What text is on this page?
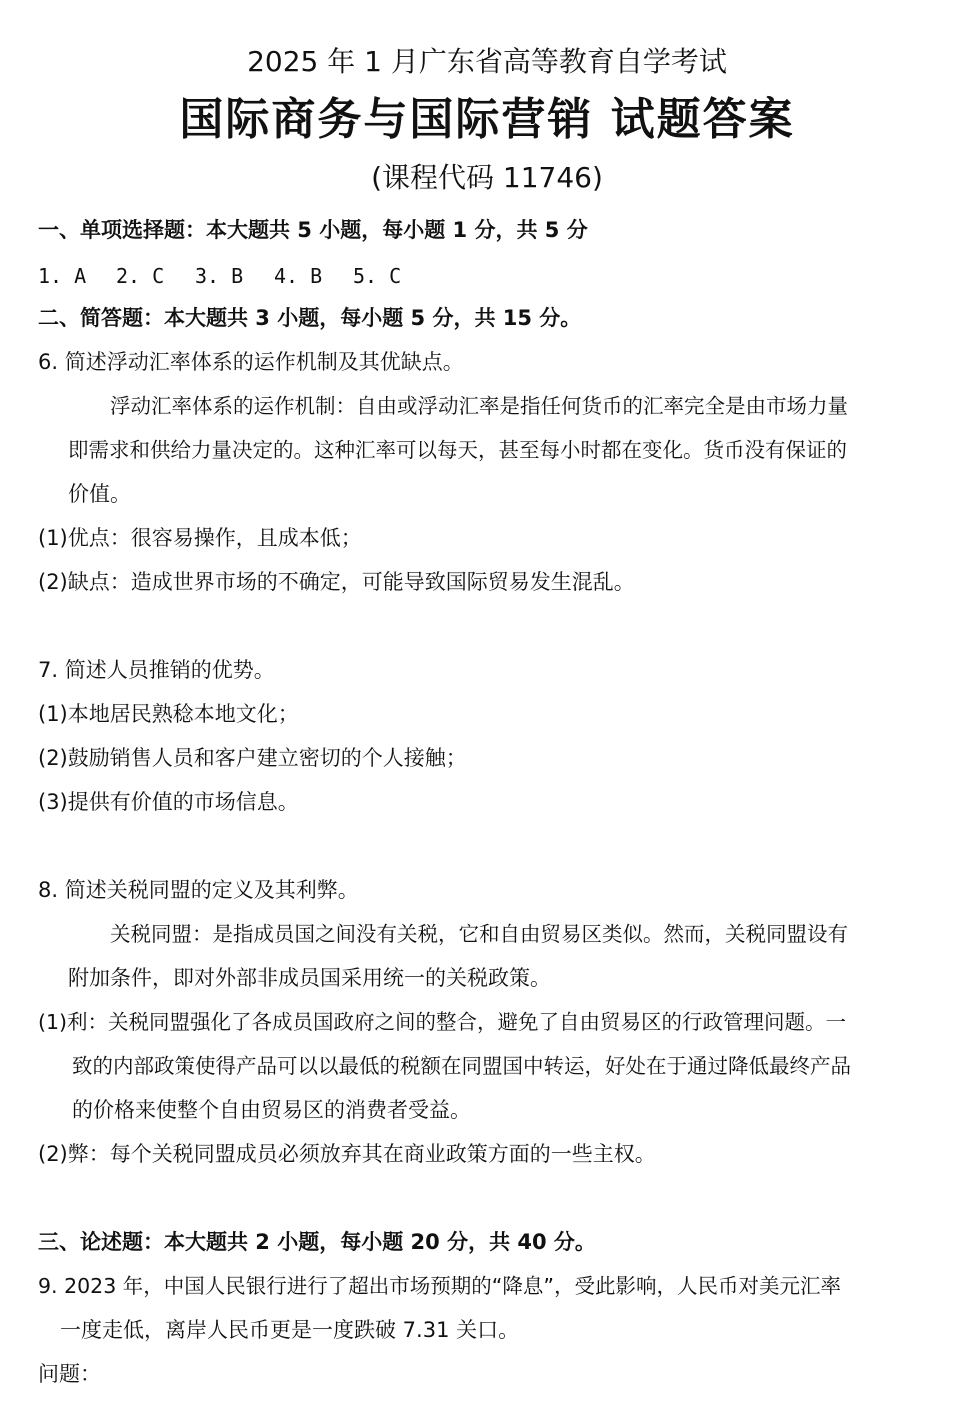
2025 年 1 月广东省高等教育自学考试
国际商务与国际营销 试题答案
(课程代码 11746)
一、单项选择题：本大题共 5 小题，每小题 1 分，共 5 分
1. A 2. C 3. B 4. B 5. C
二、简答题：本大题共 3 小题，每小题 5 分，共 15 分。
6. 简述浮动汇率体系的运作机制及其优缺点。
浮动汇率体系的运作机制：自由或浮动汇率是指任何货币的汇率完全是由市场力量
即需求和供给力量决定的。这种汇率可以每天，甚至每小时都在变化。货币没有保证的
价值。
(1)优点：很容易操作，且成本低；
(2)缺点：造成世界市场的不确定，可能导致国际贸易发生混乱。
7. 简述人员推销的优势。
(1)本地居民熟稔本地文化；
(2)鼓励销售人员和客户建立密切的个人接触；
(3)提供有价值的市场信息。
8. 简述关税同盟的定义及其利弊。
关税同盟：是指成员国之间没有关税，它和自由贸易区类似。然而，关税同盟设有
附加条件，即对外部非成员国采用统一的关税政策。
(1)利：关税同盟强化了各成员国政府之间的整合，避免了自由贸易区的行政管理问题。一
致的内部政策使得产品可以以最低的税额在同盟国中转运，好处在于通过降低最终产品
的价格来使整个自由贸易区的消费者受益。
(2)弊：每个关税同盟成员必须放弃其在商业政策方面的一些主权。
三、论述题：本大题共 2 小题，每小题 20 分，共 40 分。
9. 2023 年，中国人民银行进行了超出市场预期的“降息”，受此影响，人民币对美元汇率
一度走低，离岸人民币更是一度跌破 7.31 关口。
问题：
